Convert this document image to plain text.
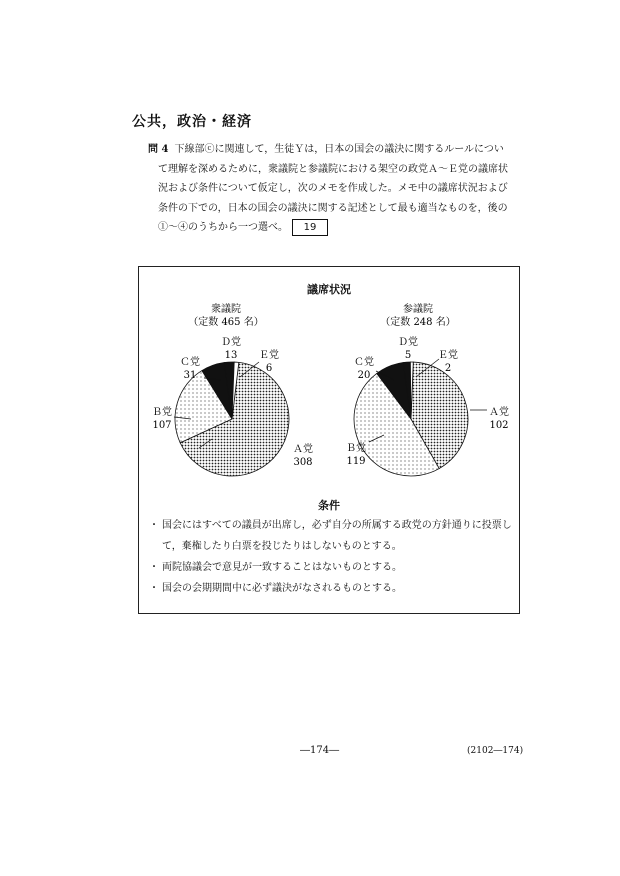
公共，政治・経済
問 4 下線部ⓒに関連して，生徒Ｙは，日本の国会の議決に関するルールについ
て理解を深めるために，衆議院と参議院における架空の政党Ａ～Ｅ党の議席状
況および条件について仮定し，次のメモを作成した。メモ中の議席状況および
条件の下での，日本の国会の議決に関する記述として最も適当なものを，後の
①～④のうちから一つ選べ。 19
議席状況
衆議院
（定数 465 名）
Ａ党
308
Ｂ党
107
Ｃ党
31
Ｄ党
13 Ｅ党
6
参議院
（定数 248 名）
Ａ党
102
Ｂ党
119
Ｃ党
20
Ｄ党
5	Ｅ党
2
条件
・ 国会にはすべての議員が出席し，必ず自分の所属する政党の方針通りに投票して，棄権したり白票を投じたりはしないものとする。
・ 両院協議会で意見が一致することはないものとする。
・ 国会の会期期間中に必ず議決がなされるものとする。
―174―	(2102―174)
